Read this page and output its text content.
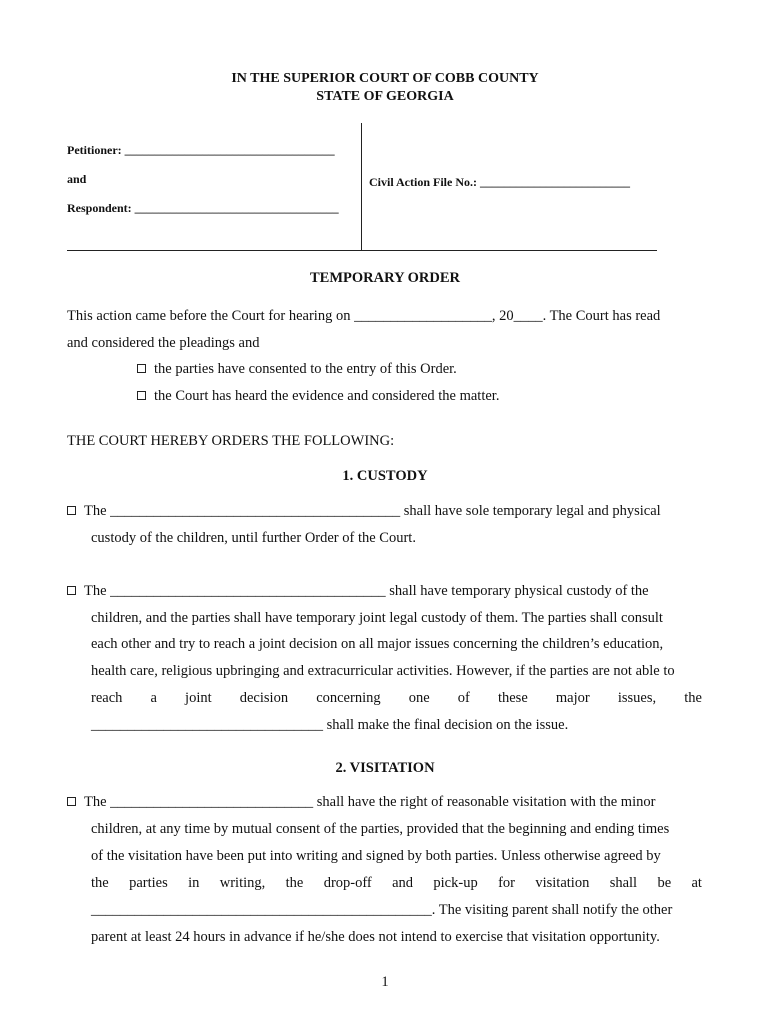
IN THE SUPERIOR COURT OF COBB COUNTY
STATE OF GEORGIA
Petitioner: ___________________________________
and
Respondent: __________________________________
Civil Action File No.: _________________________
TEMPORARY ORDER
This action came before the Court for hearing on ___________________, 20____. The Court has read
and considered the pleadings and
the parties have consented to the entry of this Order.
the Court has heard the evidence and considered the matter.
THE COURT HEREBY ORDERS THE FOLLOWING:
1. CUSTODY
The ________________________________________ shall have sole temporary legal and physical
custody of the children, until further Order of the Court.
The ______________________________________ shall have temporary physical custody of the
children, and the parties shall have temporary joint legal custody of them. The parties shall consult
each other and try to reach a joint decision on all major issues concerning the children’s education,
health care, religious upbringing and extracurricular activities. However, if the parties are not able to
reach a joint decision concerning one of these major issues, the
________________________________ shall make the final decision on the issue.
2. VISITATION
The ____________________________ shall have the right of reasonable visitation with the minor
children, at any time by mutual consent of the parties, provided that the beginning and ending times
of the visitation have been put into writing and signed by both parties. Unless otherwise agreed by
the parties in writing, the drop-off and pick-up for visitation shall be at
_______________________________________________. The visiting parent shall notify the other
parent at least 24 hours in advance if he/she does not intend to exercise that visitation opportunity.
1
